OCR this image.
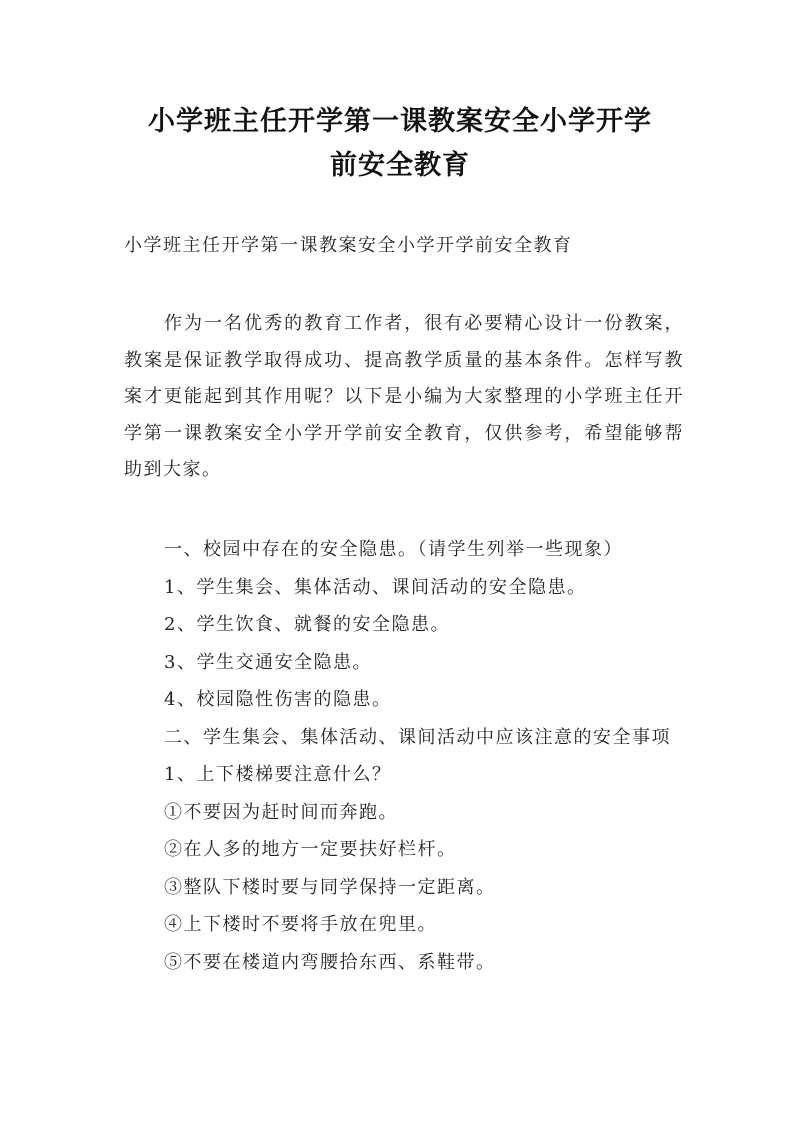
小学班主任开学第一课教案安全小学开学
前安全教育
小学班主任开学第一课教案安全小学开学前安全教育
作为一名优秀的教育工作者，很有必要精心设计一份教案，教案是保证教学取得成功、提高教学质量的基本条件。怎样写教案才更能起到其作用呢？以下是小编为大家整理的小学班主任开学第一课教案安全小学开学前安全教育，仅供参考，希望能够帮助到大家。
一、校园中存在的安全隐患。（请学生列举一些现象）
1、学生集会、集体活动、课间活动的安全隐患。
2、学生饮食、就餐的安全隐患。
3、学生交通安全隐患。
4、校园隐性伤害的隐患。
二、学生集会、集体活动、课间活动中应该注意的安全事项
1、上下楼梯要注意什么？
①不要因为赶时间而奔跑。
②在人多的地方一定要扶好栏杆。
③整队下楼时要与同学保持一定距离。
④上下楼时不要将手放在兜里。
⑤不要在楼道内弯腰拾东西、系鞋带。
